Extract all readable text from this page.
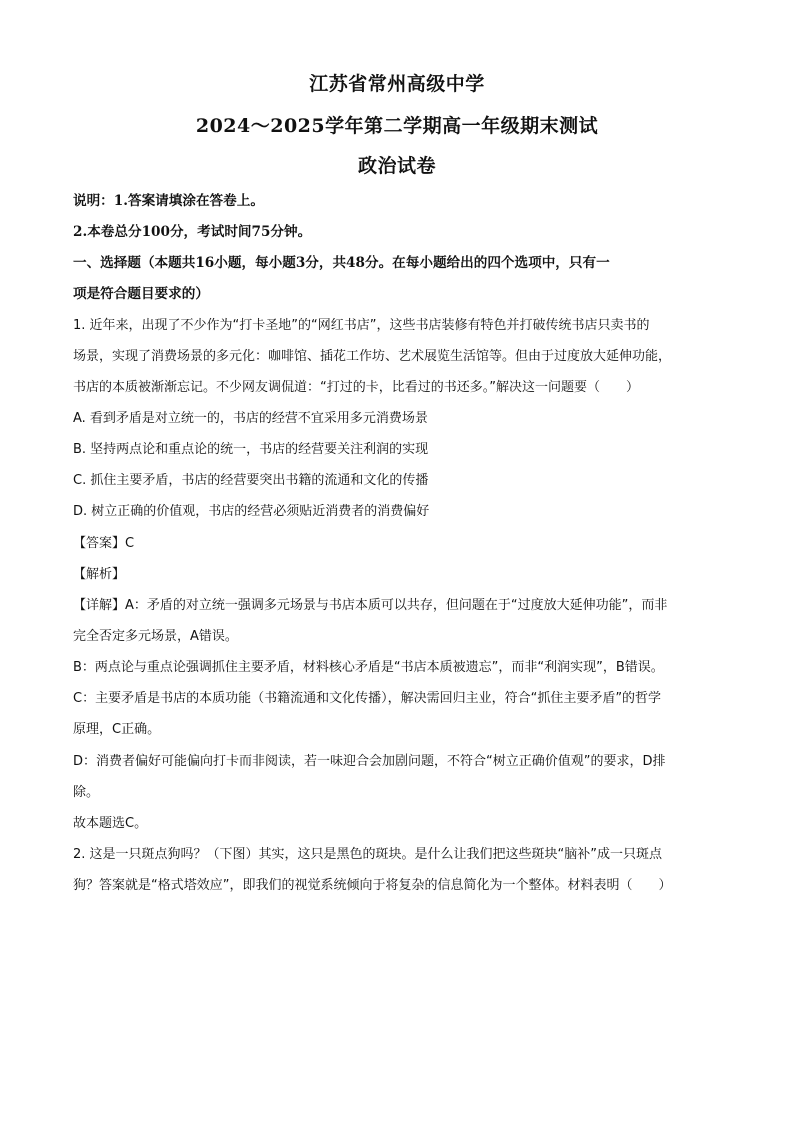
江苏省常州高级中学
2024～2025学年第二学期高一年级期末测试
政治试卷
说明：1.答案请填涂在答卷上。
2.本卷总分100分，考试时间75分钟。
一、选择题（本题共16小题，每小题3分，共48分。在每小题给出的四个选项中，只有一
项是符合题目要求的）
1. 近年来，出现了不少作为“打卡圣地”的“网红书店”，这些书店装修有特色并打破传统书店只卖书的
场景，实现了消费场景的多元化：咖啡馆、插花工作坊、艺术展览生活馆等。但由于过度放大延伸功能，
书店的本质被渐渐忘记。不少网友调侃道：“打过的卡，比看过的书还多。”解决这一问题要（　　）
A. 看到矛盾是对立统一的，书店的经营不宜采用多元消费场景
B. 坚持两点论和重点论的统一，书店的经营要关注利润的实现
C. 抓住主要矛盾，书店的经营要突出书籍的流通和文化的传播
D. 树立正确的价值观，书店的经营必须贴近消费者的消费偏好
【答案】C
【解析】
【详解】A：矛盾的对立统一强调多元场景与书店本质可以共存，但问题在于“过度放大延伸功能”，而非
完全否定多元场景，A错误。
B：两点论与重点论强调抓住主要矛盾，材料核心矛盾是“书店本质被遗忘”，而非“利润实现”，B错误。
C：主要矛盾是书店的本质功能（书籍流通和文化传播），解决需回归主业，符合“抓住主要矛盾”的哲学
原理，C正确。
D：消费者偏好可能偏向打卡而非阅读，若一味迎合会加剧问题，不符合“树立正确价值观”的要求，D排
除。
故本题选C。
2. 这是一只斑点狗吗？（下图）其实，这只是黑色的斑块。是什么让我们把这些斑块“脑补”成一只斑点
狗？答案就是“格式塔效应”，即我们的视觉系统倾向于将复杂的信息简化为一个整体。材料表明（　　）
